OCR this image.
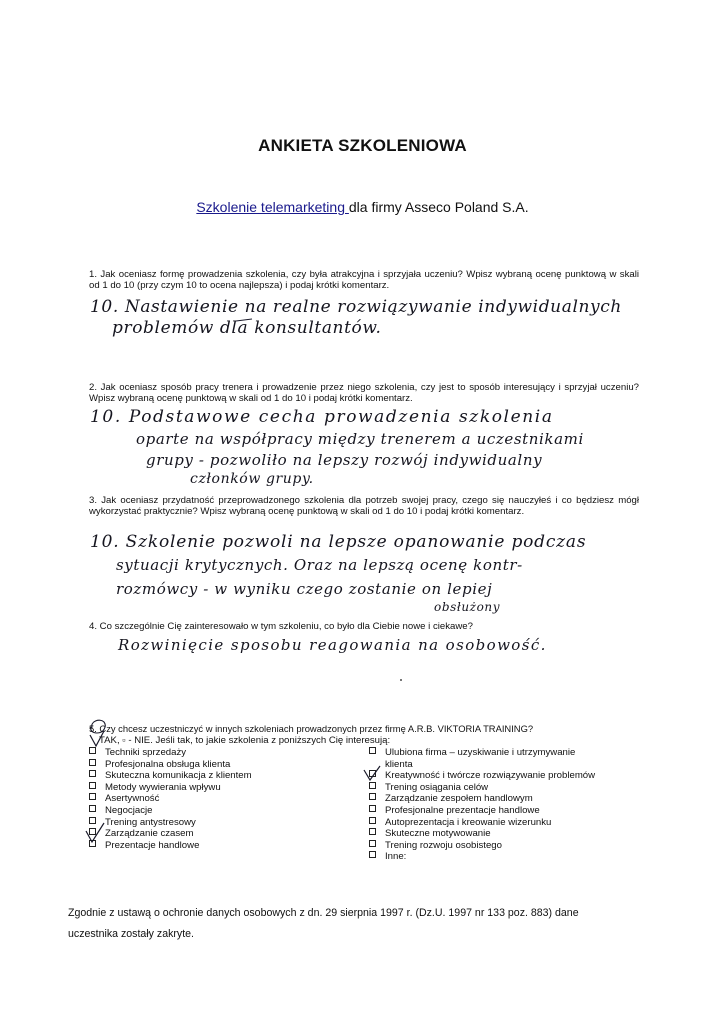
ANKIETA SZKOLENIOWA
Szkolenie telemarketing dla firmy Asseco Poland S.A.
1. Jak oceniasz formę prowadzenia szkolenia, czy była atrakcyjna i sprzyjała uczeniu? Wpisz wybraną ocenę punktową w skali od 1 do 10 (przy czym 10 to ocena najlepsza) i podaj krótki komentarz.
10. Nastawienie na realne rozwiązywanie indywidualnych
problemów dla konsultantów.
2. Jak oceniasz sposób pracy trenera i prowadzenie przez niego szkolenia, czy jest to sposób interesujący i sprzyjał uczeniu? Wpisz wybraną ocenę punktową w skali od 1 do 10 i podaj krótki komentarz.
10. Podstawowe cecha prowadzenia szkolenia
oparte na współpracy między trenerem a uczestnikami
grupy - pozwoliło na lepszy rozwój indywidualny
członków grupy.
3. Jak oceniasz przydatność przeprowadzonego szkolenia dla potrzeb swojej pracy, czego się nauczyłeś i co będziesz mógł wykorzystać praktycznie? Wpisz wybraną ocenę punktową w skali od 1 do 10 i podaj krótki komentarz.
10. Szkolenie pozwoli na lepsze opanowanie podczas
sytuacji krytycznych. Oraz na lepszą ocenę kontr-
rozmówcy - w wyniku czego zostanie on lepiej
obsłużony
4. Co szczególnie Cię zainteresowało w tym szkoleniu, co było dla Ciebie nowe i ciekawe?
Rozwinięcie sposobu reagowania na osobowość.
5. Czy chcesz uczestniczyć w innych szkoleniach prowadzonych przez firmę A.R.B. VIKTORIA TRAINING?
TAK, ▫ - NIE. Jeśli tak, to jakie szkolenia z poniższych Cię interesują:
Techniki sprzedaży
Profesjonalna obsługa klienta
Skuteczna komunikacja z klientem
Metody wywierania wpływu
Asertywność
Negocjacje
Trening antystresowy
Zarządzanie czasem
Prezentacje handlowe
Ulubiona firma – uzyskiwanie i utrzymywanie
klienta
Kreatywność i twórcze rozwiązywanie problemów
Trening osiągania celów
Zarządzanie zespołem handlowym
Profesjonalne prezentacje handlowe
Autoprezentacja i kreowanie wizerunku
Skuteczne motywowanie
Trening rozwoju osobistego
Inne:
Zgodnie z ustawą o ochronie danych osobowych z dn. 29 sierpnia 1997 r. (Dz.U. 1997 nr 133 poz. 883) dane
uczestnika zostały zakryte.
